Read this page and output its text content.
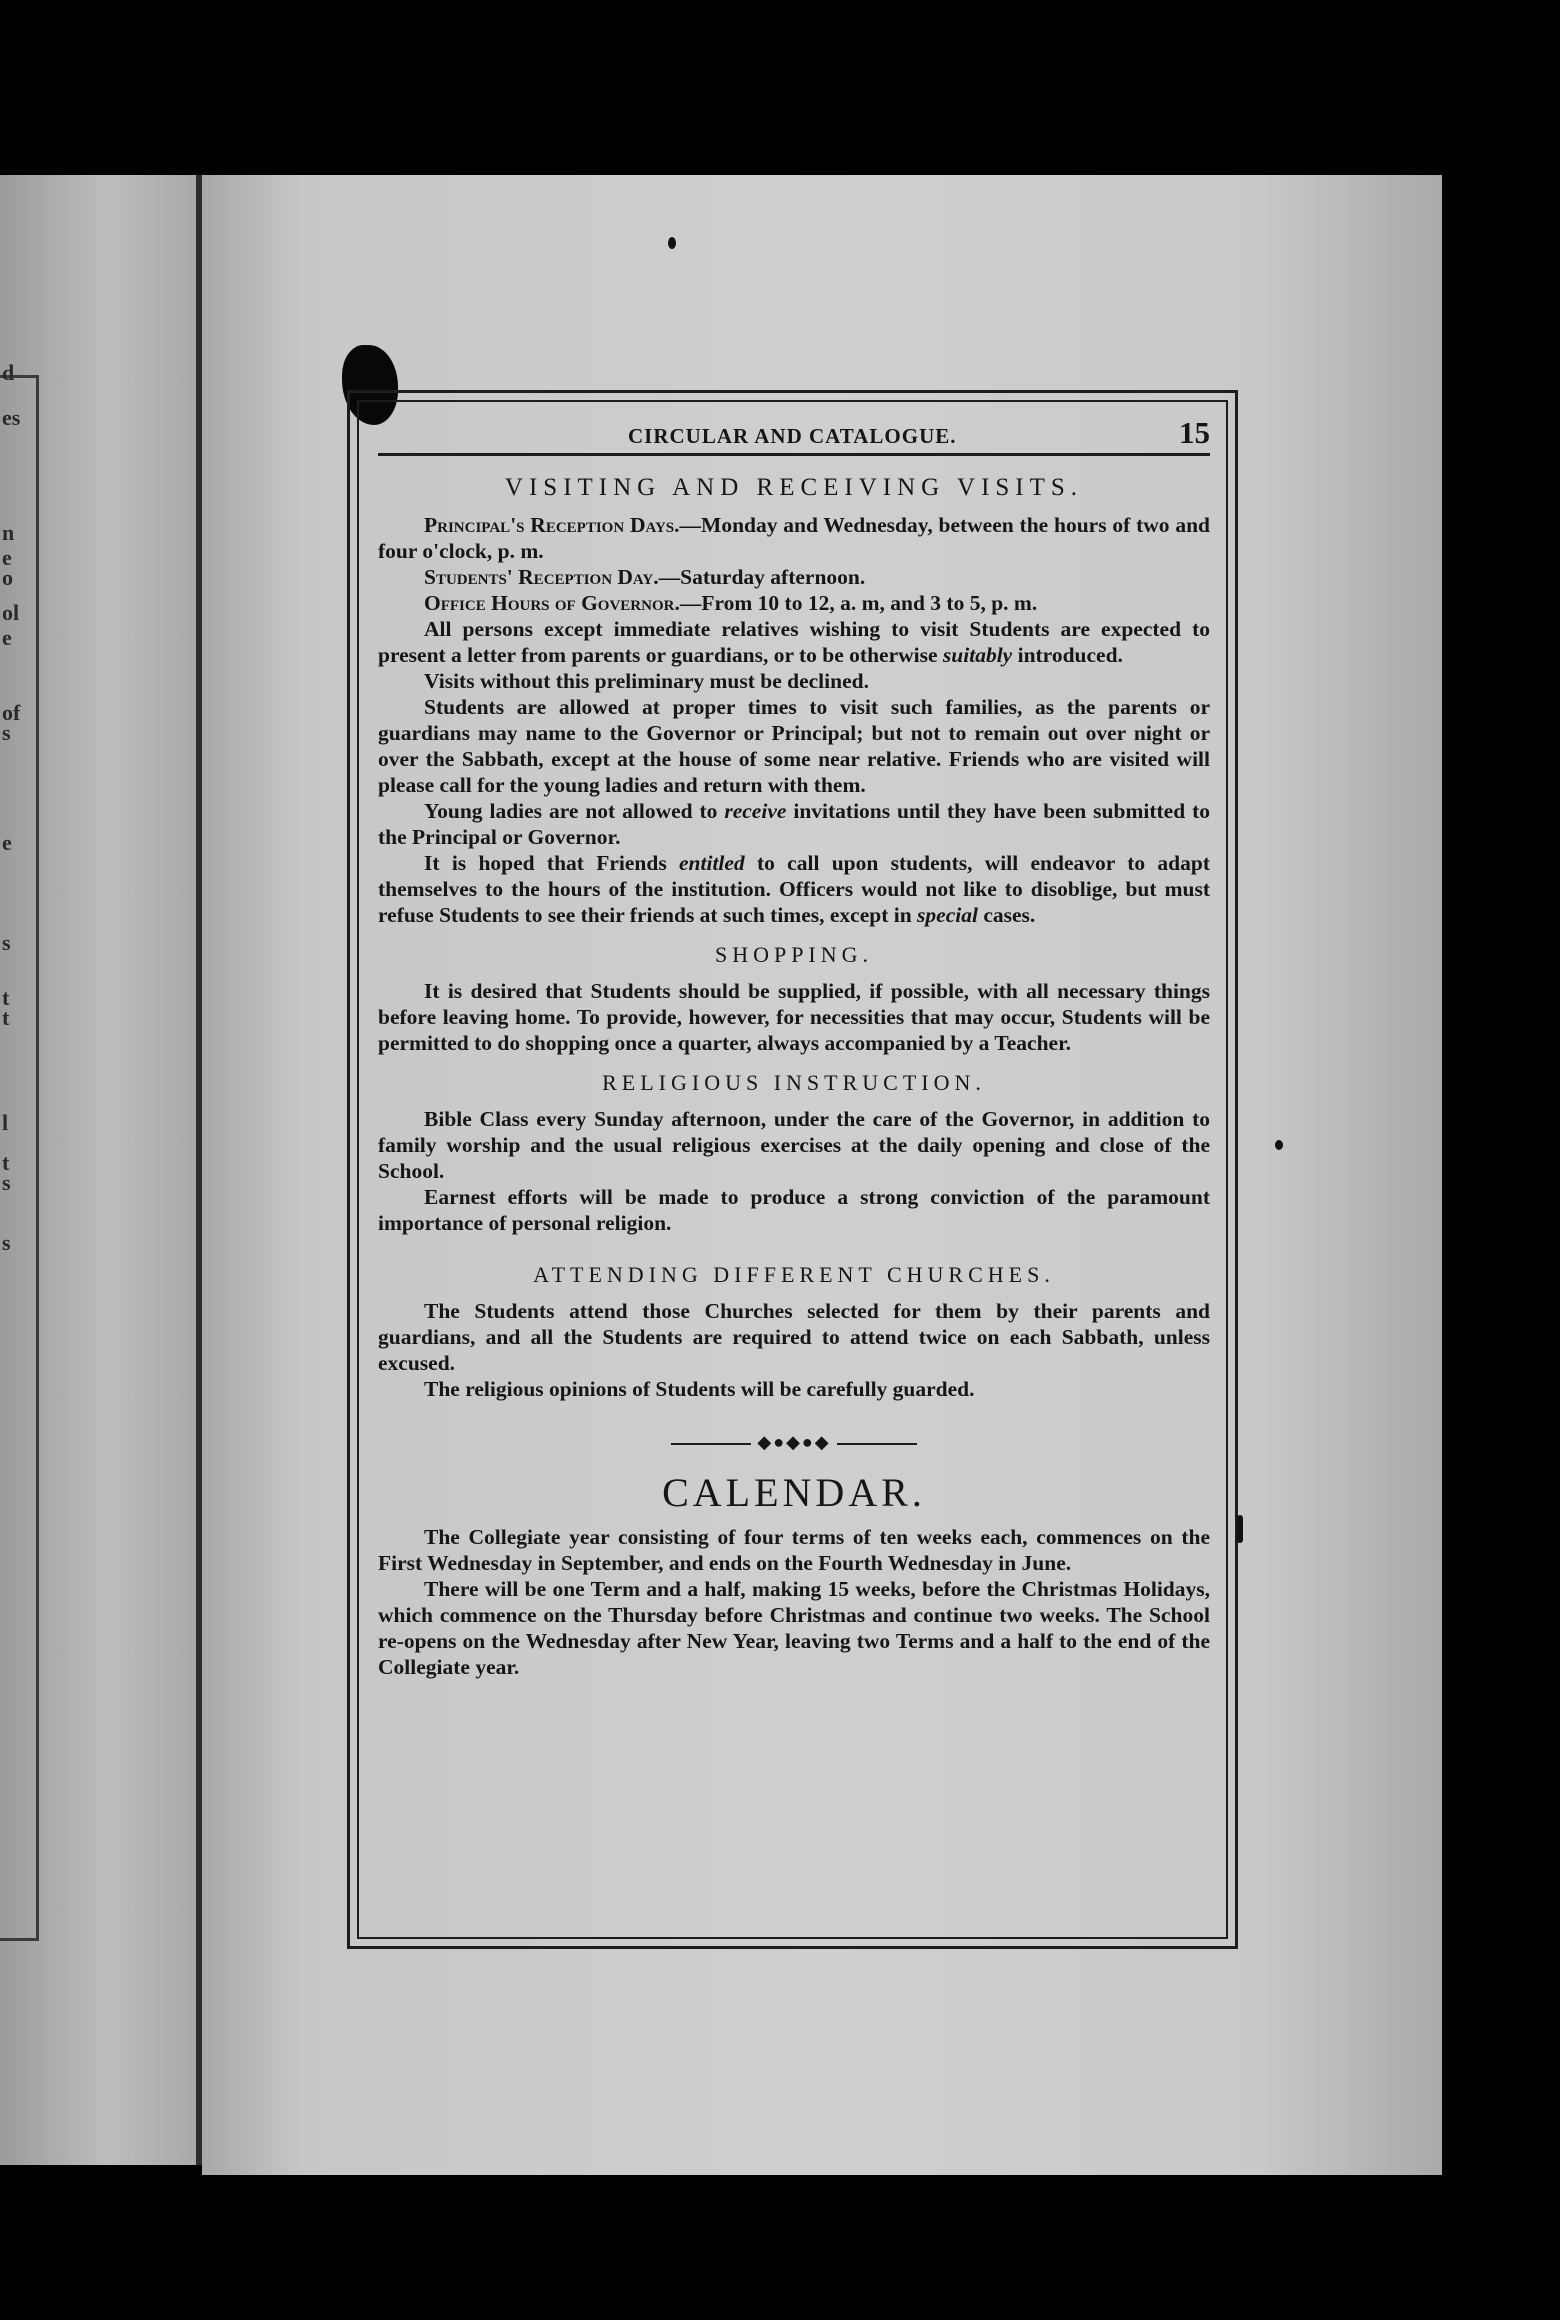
d
es
n
e
o
ol
e
of
s
e
s
t
t
l
t
s
s
CIRCULAR AND CATALOGUE.	15
VISITING AND RECEIVING VISITS.

Principal's Reception Days.—Monday and Wednesday, between the hours of two and four o'clock, p. m.

Students' Reception Day.—Saturday afternoon.

Office Hours of Governor.—From 10 to 12, a. m, and 3 to 5, p. m.

All persons except immediate relatives wishing to visit Students are expected to present a letter from parents or guardians, or to be otherwise suitably introduced.

Visits without this preliminary must be declined.

Students are allowed at proper times to visit such families, as the parents or guardians may name to the Governor or Principal; but not to remain out over night or over the Sabbath, except at the house of some near relative. Friends who are visited will please call for the young ladies and return with them.

Young ladies are not allowed to receive invitations until they have been submitted to the Principal or Governor.

It is hoped that Friends entitled to call upon students, will endeavor to adapt themselves to the hours of the institution. Officers would not like to disoblige, but must refuse Students to see their friends at such times, except in special cases.

SHOPPING.

It is desired that Students should be supplied, if possible, with all necessary things before leaving home. To provide, however, for necessities that may occur, Students will be permitted to do shopping once a quarter, always accompanied by a Teacher.

RELIGIOUS INSTRUCTION.

Bible Class every Sunday afternoon, under the care of the Governor, in addition to family worship and the usual religious exercises at the daily opening and close of the School.

Earnest efforts will be made to produce a strong conviction of the paramount importance of personal religion.

ATTENDING DIFFERENT CHURCHES.

The Students attend those Churches selected for them by their parents and guardians, and all the Students are required to attend twice on each Sabbath, unless excused.

The religious opinions of Students will be carefully guarded.

◆●◆●◆
CALENDAR.

The Collegiate year consisting of four terms of ten weeks each, commences on the First Wednesday in September, and ends on the Fourth Wednesday in June.

There will be one Term and a half, making 15 weeks, before the Christmas Holidays, which commence on the Thursday before Christmas and continue two weeks. The School re-opens on the Wednesday after New Year, leaving two Terms and a half to the end of the Collegiate year.
